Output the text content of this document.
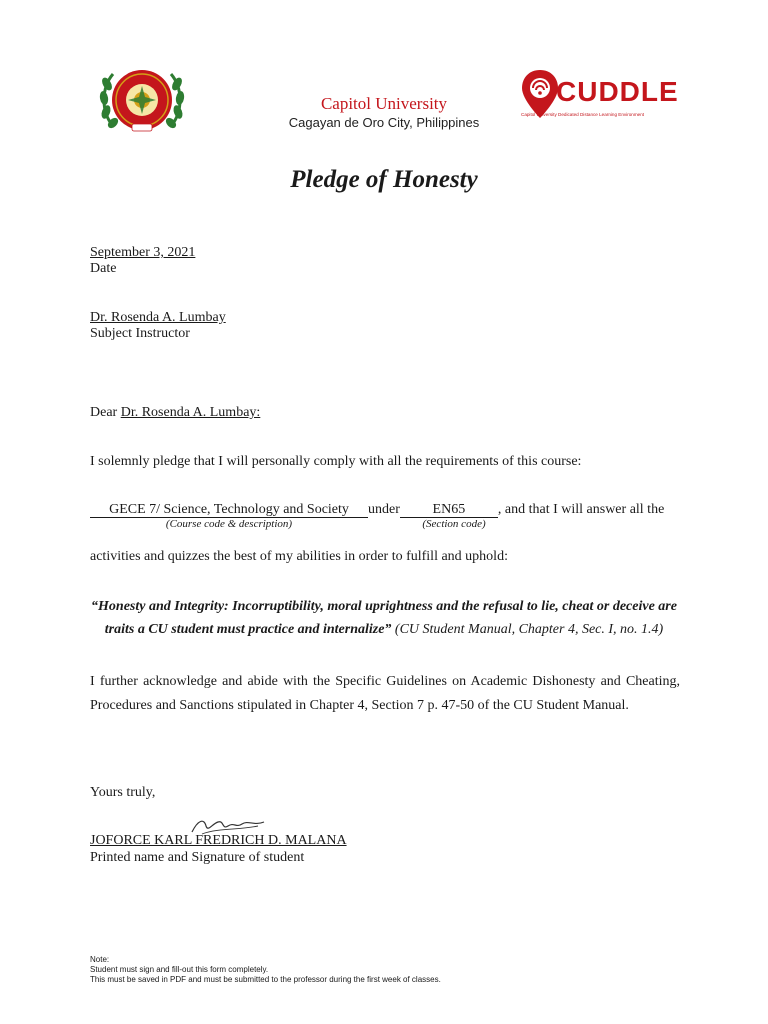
Capitol University
Cagayan de Oro City, Philippines
CUDDLE
Capitol University Dedicated Distance Learning Environment
Pledge of Honesty
September 3, 2021
Date
Dr. Rosenda A. Lumbay
Subject Instructor
Dear Dr. Rosenda A. Lumbay:
I solemnly pledge that I will personally comply with all the requirements of this course:
GECE 7/ Science, Technology and Society under EN65 , and that I will answer all the
(Course code & description)	(Section code)
activities and quizzes the best of my abilities in order to fulfill and uphold:
“Honesty and Integrity: Incorruptibility, moral uprightness and the refusal to lie, cheat or deceive are
traits a CU student must practice and internalize” (CU Student Manual, Chapter 4, Sec. I, no. 1.4)
I further acknowledge and abide with the Specific Guidelines on Academic Dishonesty and Cheating, Procedures and Sanctions stipulated in Chapter 4, Section 7 p. 47-50 of the CU Student Manual.
Yours truly,
JOFORCE KARL FREDRICH D. MALANA
Printed name and Signature of student
Note:
Student must sign and fill-out this form completely.
This must be saved in PDF and must be submitted to the professor during the first week of classes.
